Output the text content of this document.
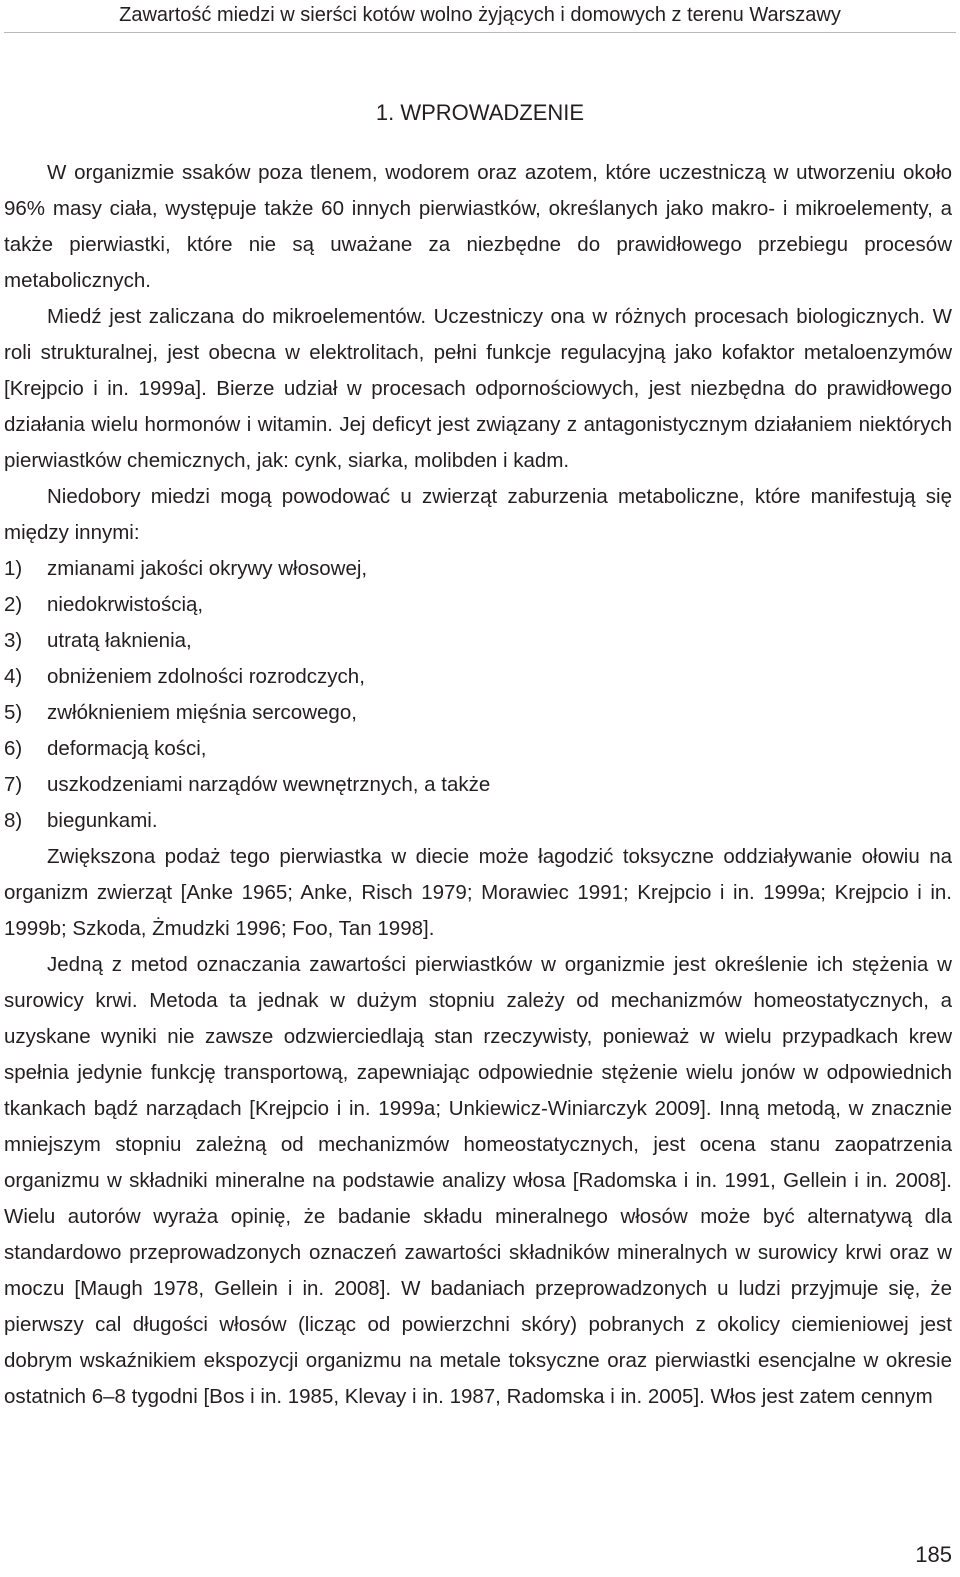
Zawartość miedzi w sierści kotów wolno żyjących i domowych z terenu Warszawy
1. WPROWADZENIE

W organizmie ssaków poza tlenem, wodorem oraz azotem, które uczestniczą w utworzeniu około 96% masy ciała, występuje także 60 innych pierwiastków, określanych jako makro- i mikroelementy, a także pierwiastki, które nie są uważane za niezbędne do prawidłowego przebiegu procesów metabolicznych.

Miedź jest zaliczana do mikroelementów. Uczestniczy ona w różnych procesach biologicznych. W roli strukturalnej, jest obecna w elektrolitach, pełni funkcje regulacyjną jako kofaktor metaloenzymów [Krejpcio i in. 1999a]. Bierze udział w procesach odpornościowych, jest niezbędna do prawidłowego działania wielu hormonów i witamin. Jej deficyt jest związany z antagonistycznym działaniem niektórych pierwiastków chemicznych, jak: cynk, siarka, molibden i kadm.

Niedobory miedzi mogą powodować u zwierząt zaburzenia metaboliczne, które manifestują się między innymi:

1)	zmianami jakości okrywy włosowej,
2)	niedokrwistością,
3)	utratą łaknienia,
4)	obniżeniem zdolności rozrodczych,
5)	zwłóknieniem mięśnia sercowego,
6)	deformacją kości,
7)	uszkodzeniami narządów wewnętrznych, a także
8)	biegunkami.

Zwiększona podaż tego pierwiastka w diecie może łagodzić toksyczne oddziaływanie ołowiu na organizm zwierząt [Anke 1965; Anke, Risch 1979; Morawiec 1991; Krejpcio i in. 1999a; Krejpcio i in. 1999b; Szkoda, Żmudzki 1996; Foo, Tan 1998].

Jedną z metod oznaczania zawartości pierwiastków w organizmie jest określenie ich stężenia w surowicy krwi. Metoda ta jednak w dużym stopniu zależy od mechanizmów homeostatycznych, a uzyskane wyniki nie zawsze odzwierciedlają stan rzeczywisty, ponieważ w wielu przypadkach krew spełnia jedynie funkcję transportową, zapewniając odpowiednie stężenie wielu jonów w odpowiednich tkankach bądź narządach [Krejpcio i in. 1999a; Unkiewicz-Winiarczyk 2009]. Inną metodą, w znacznie mniejszym stopniu zależną od mechanizmów homeostatycznych, jest ocena stanu zaopatrzenia organizmu w składniki mineralne na podstawie analizy włosa [Radomska i in. 1991, Gellein i in. 2008]. Wielu autorów wyraża opinię, że badanie składu mineralnego włosów może być alternatywą dla standardowo przeprowadzonych oznaczeń zawartości składników mineralnych w surowicy krwi oraz w moczu [Maugh 1978, Gellein i in. 2008]. W badaniach przeprowadzonych u ludzi przyjmuje się, że pierwszy cal długości włosów (licząc od powierzchni skóry) pobranych z okolicy ciemieniowej jest dobrym wskaźnikiem ekspozycji organizmu na metale toksyczne oraz pierwiastki esencjalne w okresie ostatnich 6–8 tygodni [Bos i in. 1985, Klevay i in. 1987, Radomska i in. 2005]. Włos jest zatem cennym

185
